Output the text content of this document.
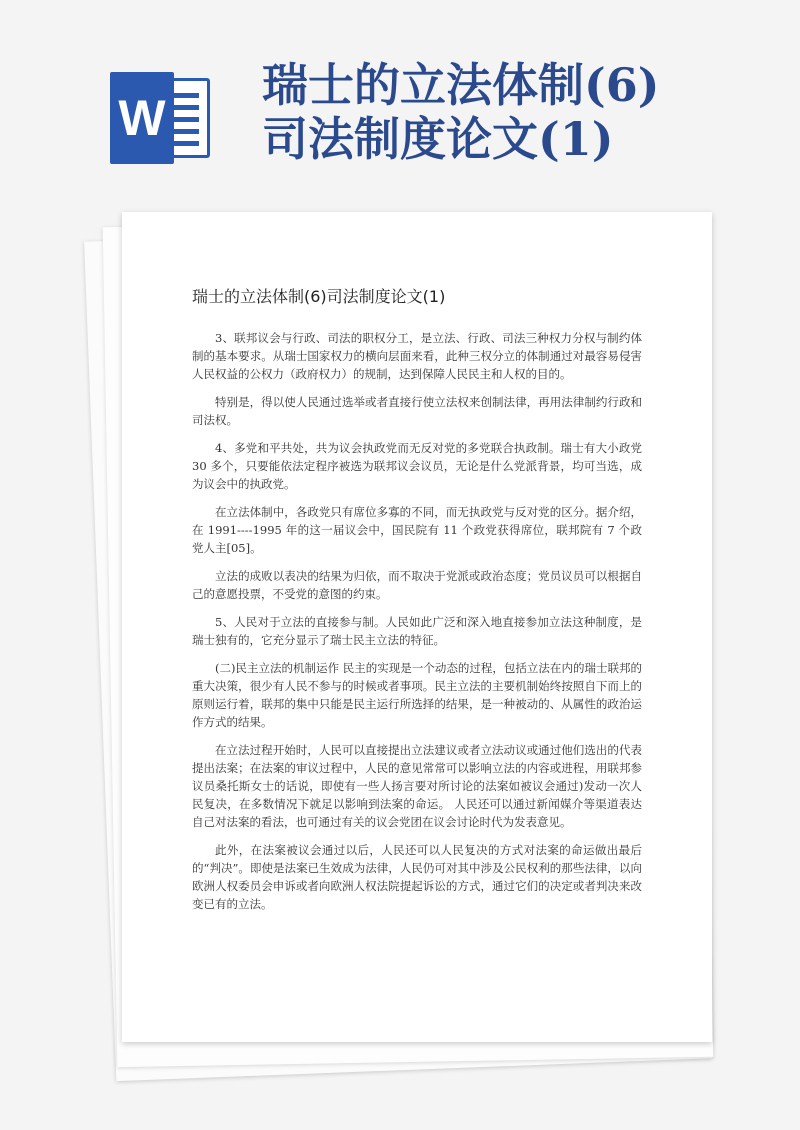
W
瑞士的立法体制(6)
司法制度论文(1)
瑞士的立法体制(6)司法制度论文(1)

3、联邦议会与行政、司法的职权分工，是立法、行政、司法三种权力分权与制约体制的基本要求。从瑞士国家权力的横向层面来看，此种三权分立的体制通过对最容易侵害人民权益的公权力（政府权力）的规制，达到保障人民民主和人权的目的。

特别是，得以使人民通过选举或者直接行使立法权来创制法律，再用法律制约行政和司法权。

4、多党和平共处，共为议会执政党而无反对党的多党联合执政制。瑞士有大小政党 30 多个，只要能依法定程序被选为联邦议会议员，无论是什么党派背景，均可当选，成为议会中的执政党。

在立法体制中，各政党只有席位多寡的不同，而无执政党与反对党的区分。据介绍，在 1991----1995 年的这一届议会中，国民院有 11 个政党获得席位，联邦院有 7 个政党人主[05]。

立法的成败以表决的结果为归依，而不取决于党派或政治态度；党员议员可以根据自己的意愿投票，不受党的意图的约束。

5、人民对于立法的直接参与制。人民如此广泛和深入地直接参加立法这种制度，是瑞士独有的，它充分显示了瑞士民主立法的特征。

(二)民主立法的机制运作 民主的实现是一个动态的过程，包括立法在内的瑞士联邦的重大决策，很少有人民不参与的时候或者事项。民主立法的主要机制始终按照自下而上的原则运行着，联邦的集中只能是民主运行所选择的结果，是一种被动的、从属性的政治运作方式的结果。

在立法过程开始时，人民可以直接提出立法建议或者立法动议或通过他们选出的代表提出法案；在法案的审议过程中，人民的意见常常可以影响立法的内容或进程，用联邦参议员桑托斯女士的话说，即使有一些人扬言要对所讨论的法案如被议会通过)发动一次人民复决，在多数情况下就足以影响到法案的命运。 人民还可以通过新闻媒介等渠道表达自己对法案的看法，也可通过有关的议会党团在议会讨论时代为发表意见。

此外，在法案被议会通过以后，人民还可以人民复决的方式对法案的命运做出最后的“判决”。即使是法案已生效成为法律，人民仍可对其中涉及公民权利的那些法律，以向欧洲人权委员会申诉或者向欧洲人权法院提起诉讼的方式，通过它们的决定或者判决来改变已有的立法。
